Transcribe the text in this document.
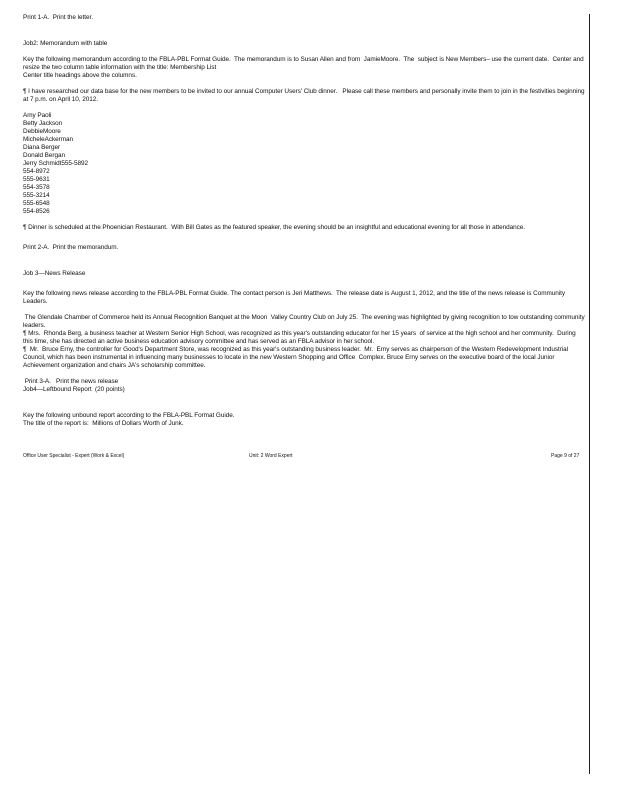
Print 1-A.  Print the letter.

Job2: Memorandum with table

Key the following memorandum according to the FBLA-PBL Format Guide.  The memorandum is to Susan Allen and from  JamieMoore.  The  subject is New Members– use the current date.  Center and resize the two column table information with the title: Membership List

Center title headings above the columns.

¶ I have researched our data base for the new members to be invited to our annual Computer Users' Club dinner.   Please call these members and personally invite them to join in the festivities beginning at 7 p.m. on April 10, 2012.

Amy Paoli
Betty Jackson
DebbieMoore
MicheleAckerman
Diana Berger
Donald Bergan
Jerry Schmidt555-5892
554-8972
555-9631
554-3578
555-3214
555-6548
554-8526

¶ Dinner is scheduled at the Phoenician Restaurant.  With Bill Gates as the featured speaker, the evening should be an insightful and educational evening for all those in attendance.

Print 2-A.  Print the memorandum.

Job 3—News Release

Key the following news release according to the FBLA-PBL Format Guide. The contact person is Jeri Matthews.  The release date is August 1, 2012, and the title of the news release is Community Leaders.

The Glendale Chamber of Commerce held its Annual Recognition Banquet at the Moon  Valley Country Club on July 25.  The evening was highlighted by giving recognition to tow outstanding community leaders.

¶ Mrs.  Rhonda Berg, a business teacher at Western Senior High School, was recognized as this year's outstanding educator for her 15 years  of service at the high school and her community.  During this time, she has directed an active business education advisory committee and has served as an FBLA advisor in her school.

¶  Mr.  Bruce Erny, the controller for Good's Department Store, was recognized as this year's outstanding business leader.  Mr.  Erny serves as chairperson of the Western Redevelopment Industrial Council, which has been instrumental in influencing many businesses to locate in the new Western Shopping and Office  Complex. Bruce Erny serves on the executive board of the local Junior Achievement organization and chairs JA's scholarship committee.

Print 3-A.   Print the news release

Job4—Leftbound Report  (20 points)

Key the following unbound report according to the FBLA-PBL Format Guide.

The title of the report is:  Millions of Dollars Worth of Junk.

Office User Specialist - Expert (Work & Excel)	Unit: 2 Word Expert	Page 9 of 27
